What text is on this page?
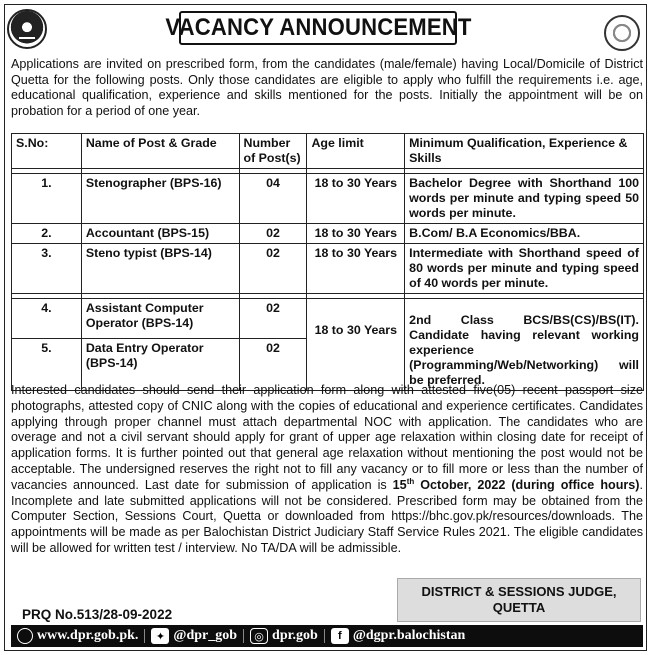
VACANCY ANNOUNCEMENT

Applications are invited on prescribed form, from the candidates (male/female) having Local/Domicile of District Quetta for the following posts. Only those candidates are eligible to apply who fulfill the requirements i.e. age, educational qualification, experience and skills mentioned for the posts. Initially the appointment will be on probation for a period of one year.

S.No:	Name of Post & Grade	Number of Post(s)	Age limit	Minimum Qualification, Experience & Skills

1.	Stenographer (BPS-16)	04	18 to 30 Years	Bachelor Degree with Shorthand 100 words per minute and typing speed 50 words per minute.
2.	Accountant (BPS-15)	02	18 to 30 Years	B.Com/ B.A Economics/BBA.
3.	Steno typist (BPS-14)	02	18 to 30 Years	Intermediate with Shorthand speed of 80 words per minute and typing speed of 40 words per minute.

4.	Assistant Computer Operator (BPS-14)	02	18 to 30 Years	2nd Class BCS/BS(CS)/BS(IT). Candidate having relevant working experience (Programming/Web/Networking) will be preferred.
5.	Data Entry Operator (BPS-14)	02		

Interested candidates should send their application form along with attested five(05) recent passport size photographs, attested copy of CNIC along with the copies of educational and experience certificates. Candidates applying through proper channel must attach departmental NOC with application. The candidates who are overage and not a civil servant should apply for grant of upper age relaxation within closing date for receipt of application forms. It is further pointed out that general age relaxation without mentioning the post would not be acceptable. The undersigned reserves the right not to fill any vacancy or to fill more or less than the number of vacancies announced. Last date for submission of application is 15th October, 2022 (during office hours). Incomplete and late submitted applications will not be considered. Prescribed form may be obtained from the Computer Section, Sessions Court, Quetta or downloaded from https://bhc.gov.pk/resources/downloads. The appointments will be made as per Balochistan District Judiciary Staff Service Rules 2021. The eligible candidates will be allowed for written test / interview. No TA/DA will be admissible.

DISTRICT & SESSIONS JUDGE,
QUETTA
PRQ No.513/28-09-2022
www.dpr.gob.pk.	✦ @dpr_gob	◎ dpr.gob	f @dgpr.balochistan
